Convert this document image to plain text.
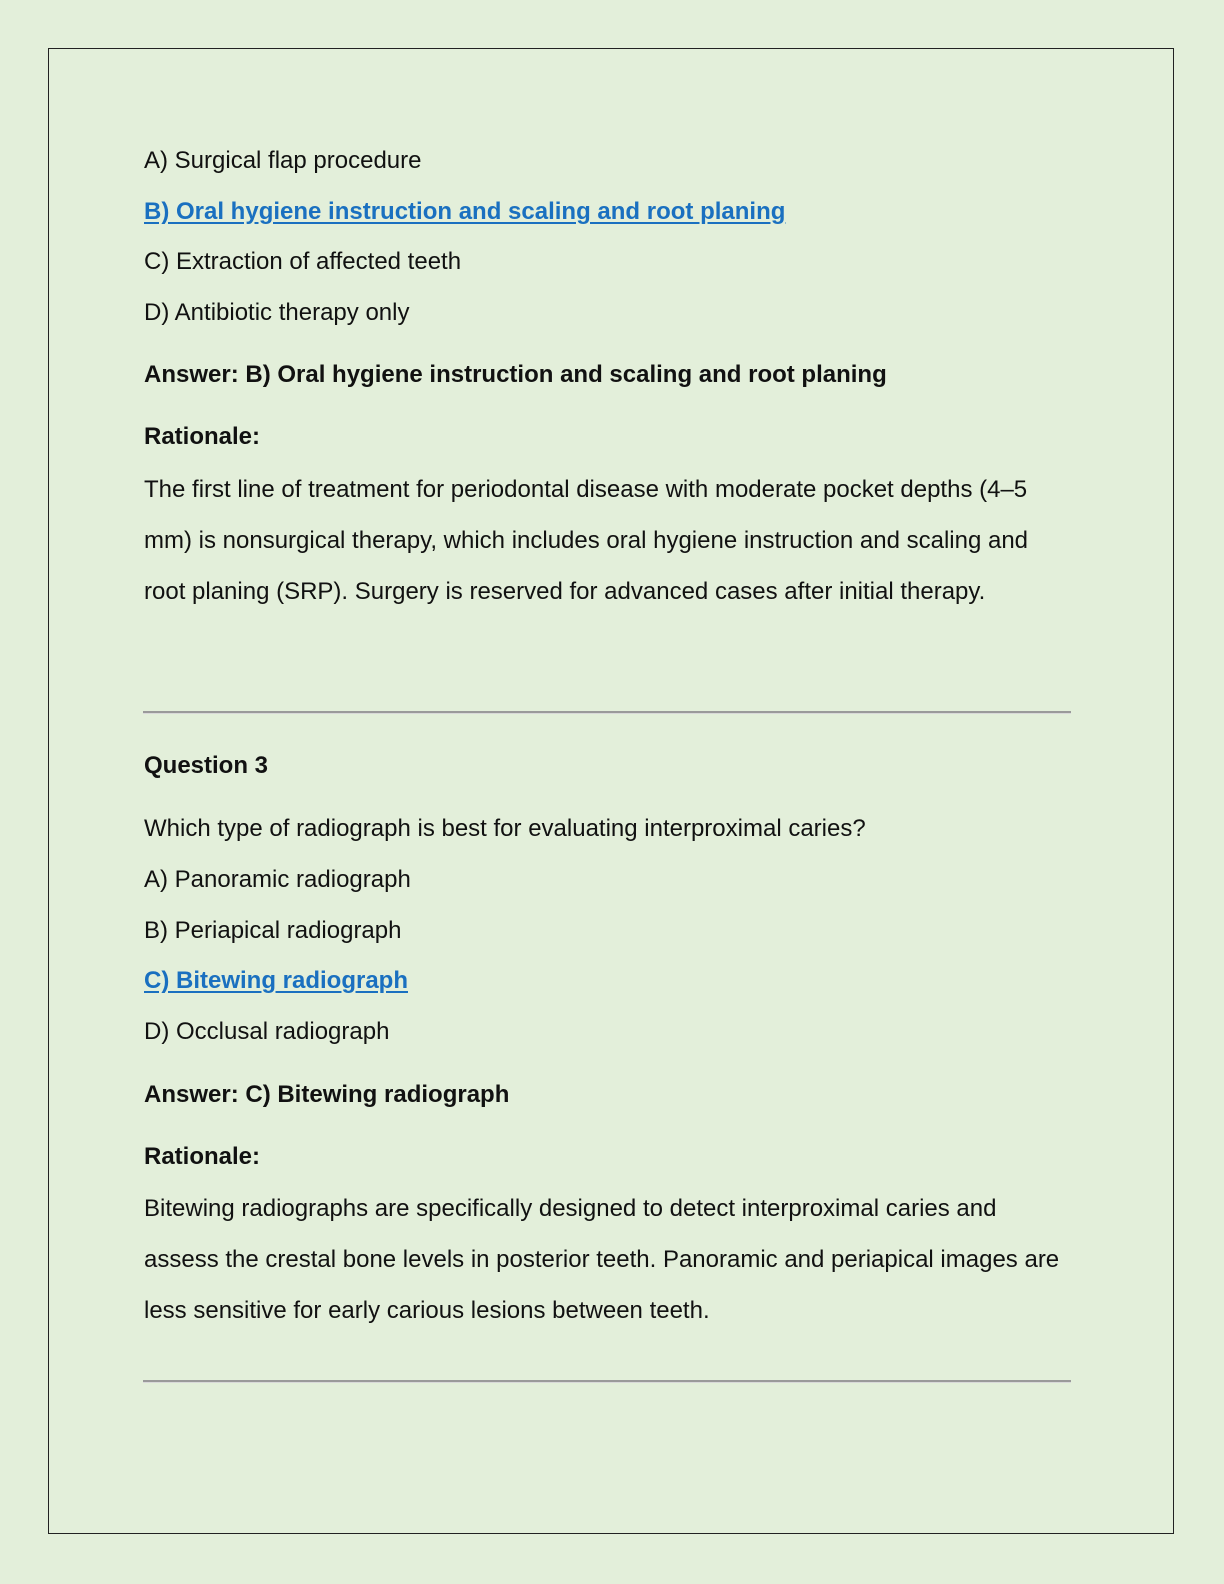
A) Surgical flap procedure
B) Oral hygiene instruction and scaling and root planing
C) Extraction of affected teeth
D) Antibiotic therapy only
Answer: B) Oral hygiene instruction and scaling and root planing
Rationale:
The first line of treatment for periodontal disease with moderate pocket depths (4–5 mm) is nonsurgical therapy, which includes oral hygiene instruction and scaling and root planing (SRP). Surgery is reserved for advanced cases after initial therapy.
Question 3
Which type of radiograph is best for evaluating interproximal caries?
A) Panoramic radiograph
B) Periapical radiograph
C) Bitewing radiograph
D) Occlusal radiograph
Answer: C) Bitewing radiograph
Rationale:
Bitewing radiographs are specifically designed to detect interproximal caries and assess the crestal bone levels in posterior teeth. Panoramic and periapical images are less sensitive for early carious lesions between teeth.
